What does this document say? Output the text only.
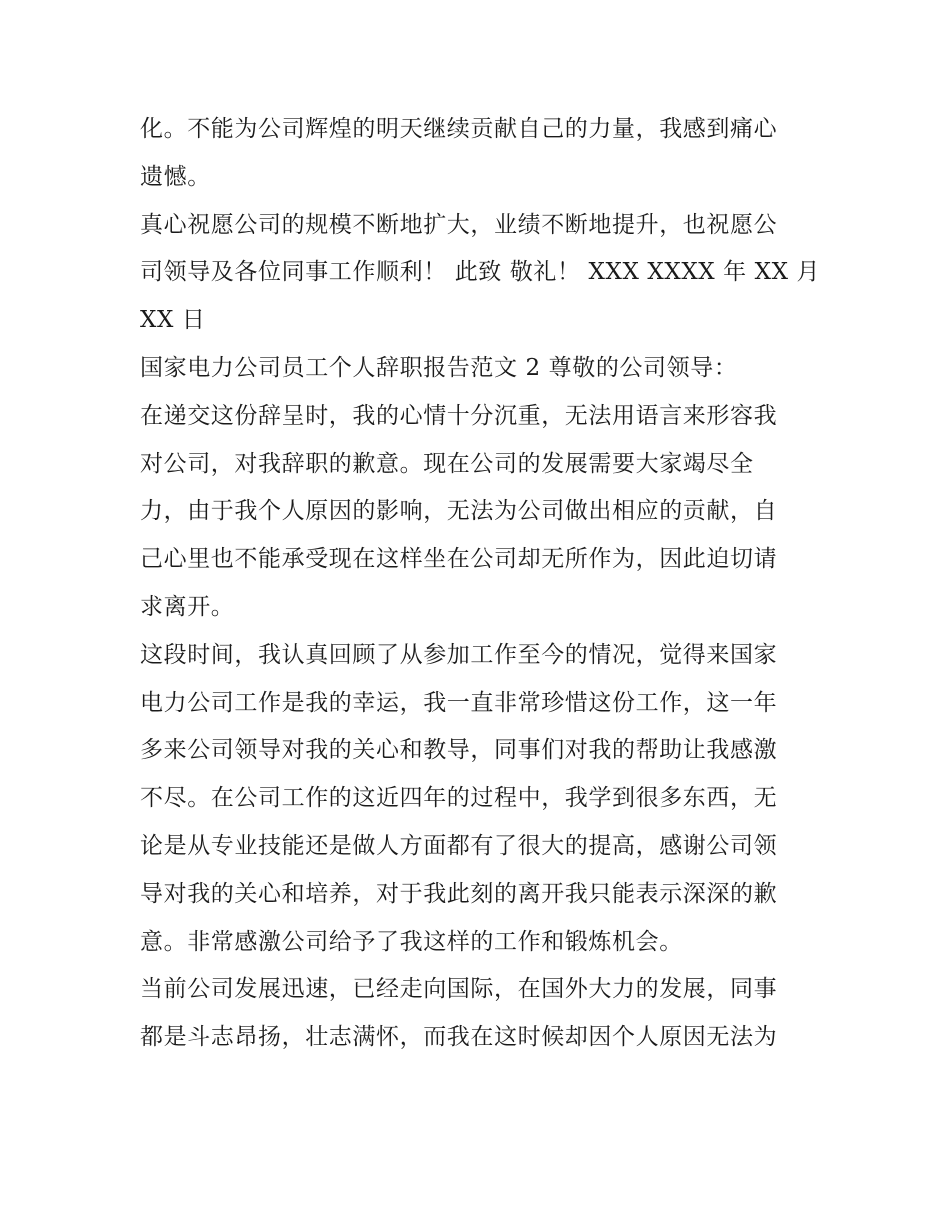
化。不能为公司辉煌的明天继续贡献自己的力量，我感到痛心
遗憾。
真心祝愿公司的规模不断地扩大，业绩不断地提升，也祝愿公
司领导及各位同事工作顺利！ 此致 敬礼！ XXX XXXX 年 XX 月
XX 日
国家电力公司员工个人辞职报告范文 2 尊敬的公司领导：
在递交这份辞呈时，我的心情十分沉重，无法用语言来形容我
对公司，对我辞职的歉意。现在公司的发展需要大家竭尽全
力，由于我个人原因的影响，无法为公司做出相应的贡献，自
己心里也不能承受现在这样坐在公司却无所作为，因此迫切请
求离开。
这段时间，我认真回顾了从参加工作至今的情况，觉得来国家
电力公司工作是我的幸运，我一直非常珍惜这份工作，这一年
多来公司领导对我的关心和教导，同事们对我的帮助让我感激
不尽。在公司工作的这近四年的过程中，我学到很多东西，无
论是从专业技能还是做人方面都有了很大的提高，感谢公司领
导对我的关心和培养，对于我此刻的离开我只能表示深深的歉
意。非常感激公司给予了我这样的工作和锻炼机会。
当前公司发展迅速，已经走向国际，在国外大力的发展，同事
都是斗志昂扬，壮志满怀，而我在这时候却因个人原因无法为
